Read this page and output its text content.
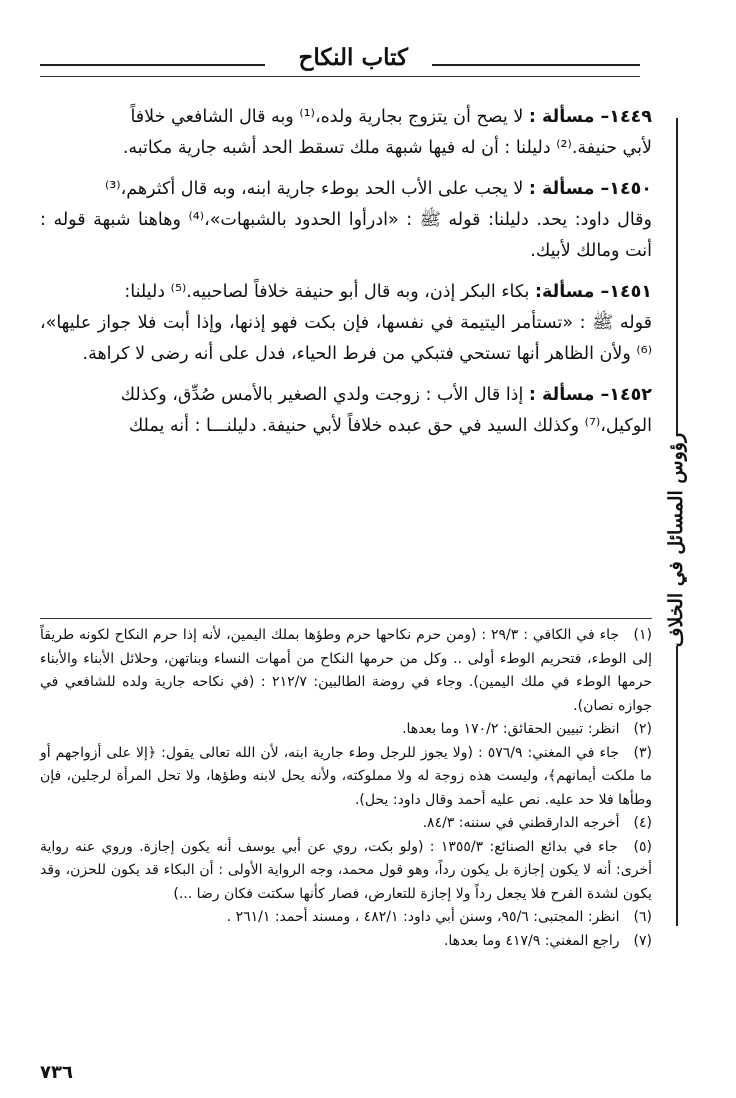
كتاب النكاح
رؤوس المسائل في الخلاف

١٤٤٩– مسألة : لا يصح أن يتزوج بجارية ولده،⁽¹⁾ وبه قال الشافعي خلافاً
لأبي حنيفة.⁽²⁾ دليلنا : أن له فيها شبهة ملك تسقط الحد أشبه جارية مكاتبه.

١٤٥٠– مسألة : لا يجب على الأب الحد بوطء جارية ابنه، وبه قال أكثرهم،⁽³⁾
وقال داود: يحد. دليلنا: قوله ﷺ : «ادرأوا الحدود بالشبهات»،⁽⁴⁾ وهاهنا شبهة قوله : أنت ومالك لأبيك.

١٤٥١– مسألة: بكاء البكر إذن، وبه قال أبو حنيفة خلافاً لصاحبيه.⁽⁵⁾ دليلنا:
قوله ﷺ : «تستأمر اليتيمة في نفسها، فإن بكت فهو إذنها، وإذا أبت فلا جواز عليها»،⁽⁶⁾ ولأن الظاهر أنها تستحي فتبكي من فرط الحياء، فدل على أنه رضى لا كراهة.

١٤٥٢– مسألة : إذا قال الأب : زوجت ولدي الصغير بالأمس صُدِّق، وكذلك
الوكيل،⁽⁷⁾ وكذلك السيد في حق عبده خلافاً لأبي حنيفة. دليلنـــا : أنه يملك

(١) جاء في الكافي : ٢٩/٣ : (ومن حرم نكاحها حرم وطؤها بملك اليمين، لأنه إذا حرم النكاح لكونه طريقاً إلى الوطء، فتحريم الوطء أولى .. وكل من حرمها النكاح من أمهات النساء وبناتهن، وحلائل الأبناء والأبناء حرمها الوطء في ملك اليمين). وجاء في روضة الطالبين: ٢١٢/٧ : (في نكاحه جارية ولده للشافعي في جوازه نصان).

(٢) انظر: تبيين الحقائق: ١٧٠/٢ وما بعدها.

(٣) جاء في المغني: ٥٧٦/٩ : (ولا يجوز للرجل وطء جارية ابنه، لأن الله تعالى يقول: ﴿إلا على أزواجهم أو ما ملكت أيمانهم﴾، وليست هذه زوجة له ولا مملوكته، ولأنه يحل لابنه وطؤها، ولا تحل المرأة لرجلين، فإن وطأها فلا حد عليه. نص عليه أحمد وقال داود: يحل).

(٤) أخرجه الدارقطني في سننه: ٨٤/٣.

(٥) جاء في بدائع الصنائع: ١٣٥٥/٣ : (ولو بكت، روي عن أبي يوسف أنه يكون إجازة. وروي عنه رواية أخرى: أنه لا يكون إجازة بل يكون رداً، وهو قول محمد، وجه الرواية الأولى : أن البكاء قد يكون للحزن، وقد يكون لشدة الفرح فلا يجعل رداً ولا إجازة للتعارض، فصار كأنها سكتت فكان رضا ...)

(٦) انظر: المجتبى: ٩٥/٦، وسنن أبي داود: ٤٨٢/١ ، ومسند أحمد: ٢٦١/١ .

(٧) راجع المغني: ٤١٧/٩ وما بعدها.

٧٣٦
